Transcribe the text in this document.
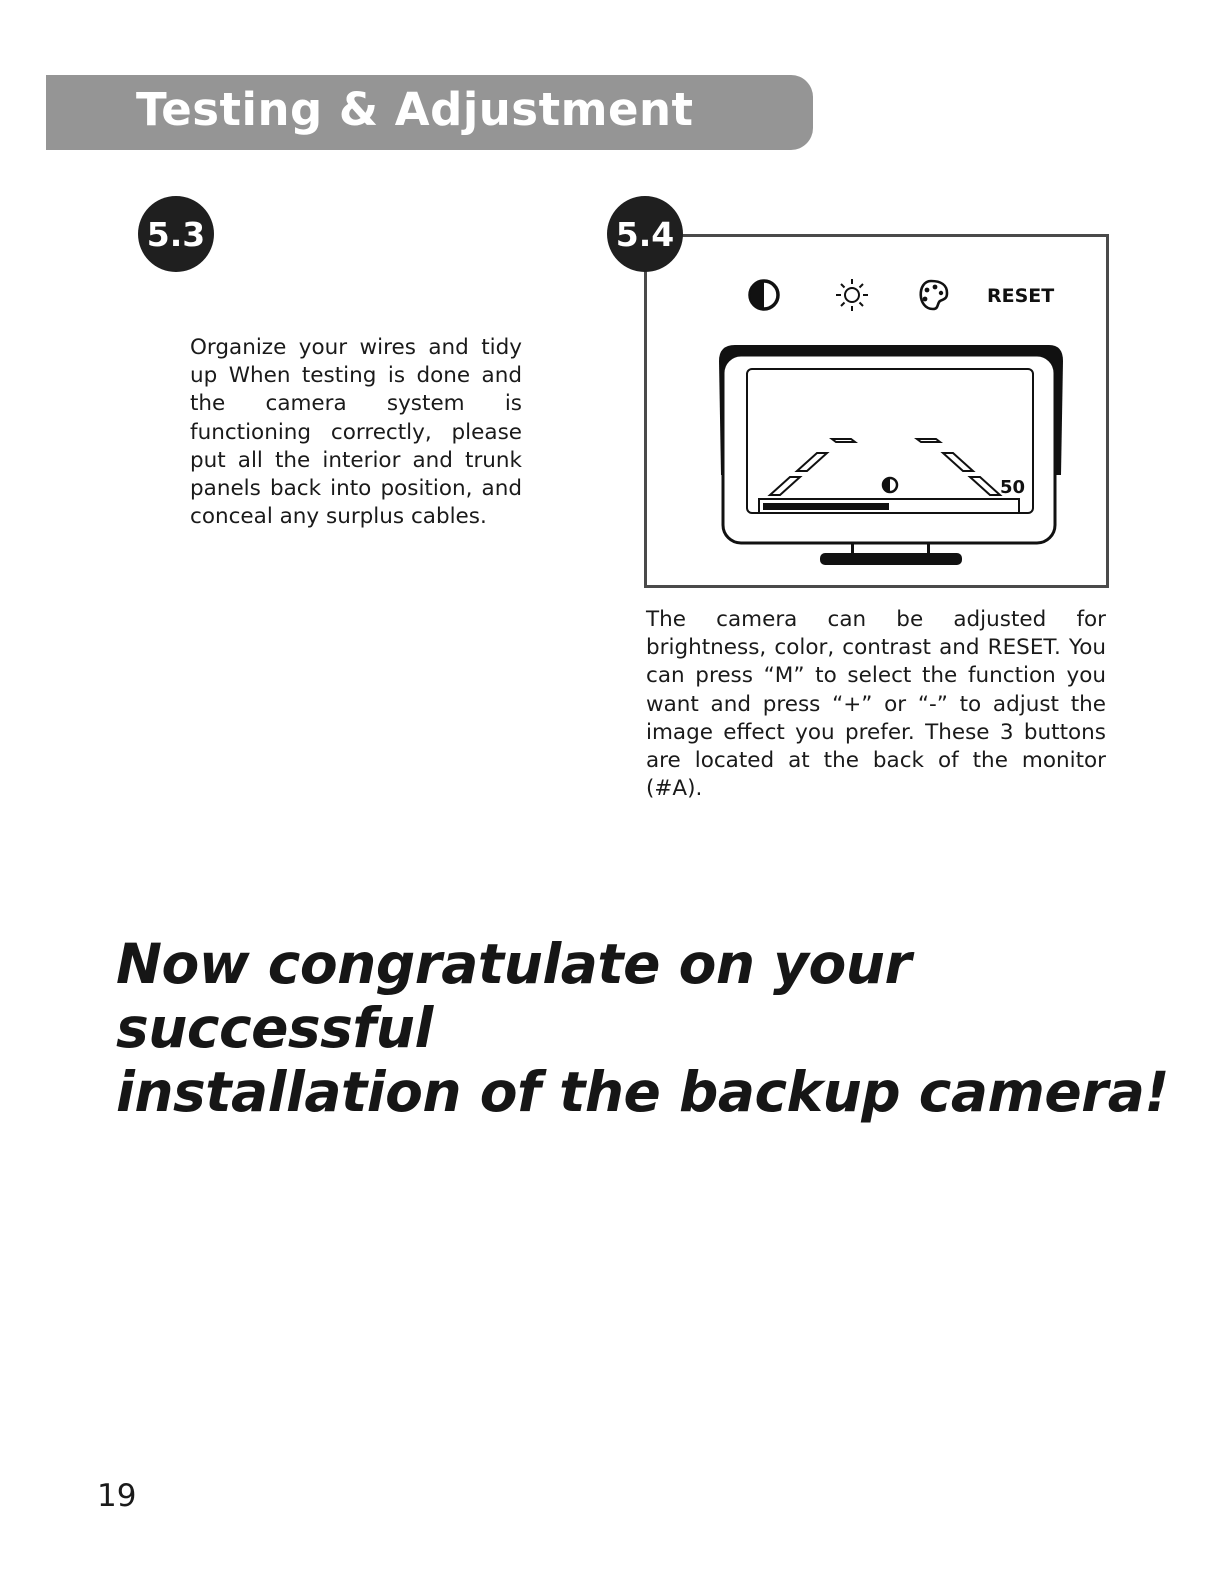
Testing & Adjustment
5.3
Organize your wires and tidy up When testing is done and the camera system is functioning correctly, please put all the interior and trunk panels back into position, and conceal any surplus cables.
5.4
RESET
50
The camera can be adjusted for brightness, color, contrast and RESET. You can press “M” to select the function you want and press “+” or “-” to adjust the image effect you prefer. These 3 buttons are located at the back of the monitor (#A).
Now congratulate on your successful
installation of the backup camera!
19
